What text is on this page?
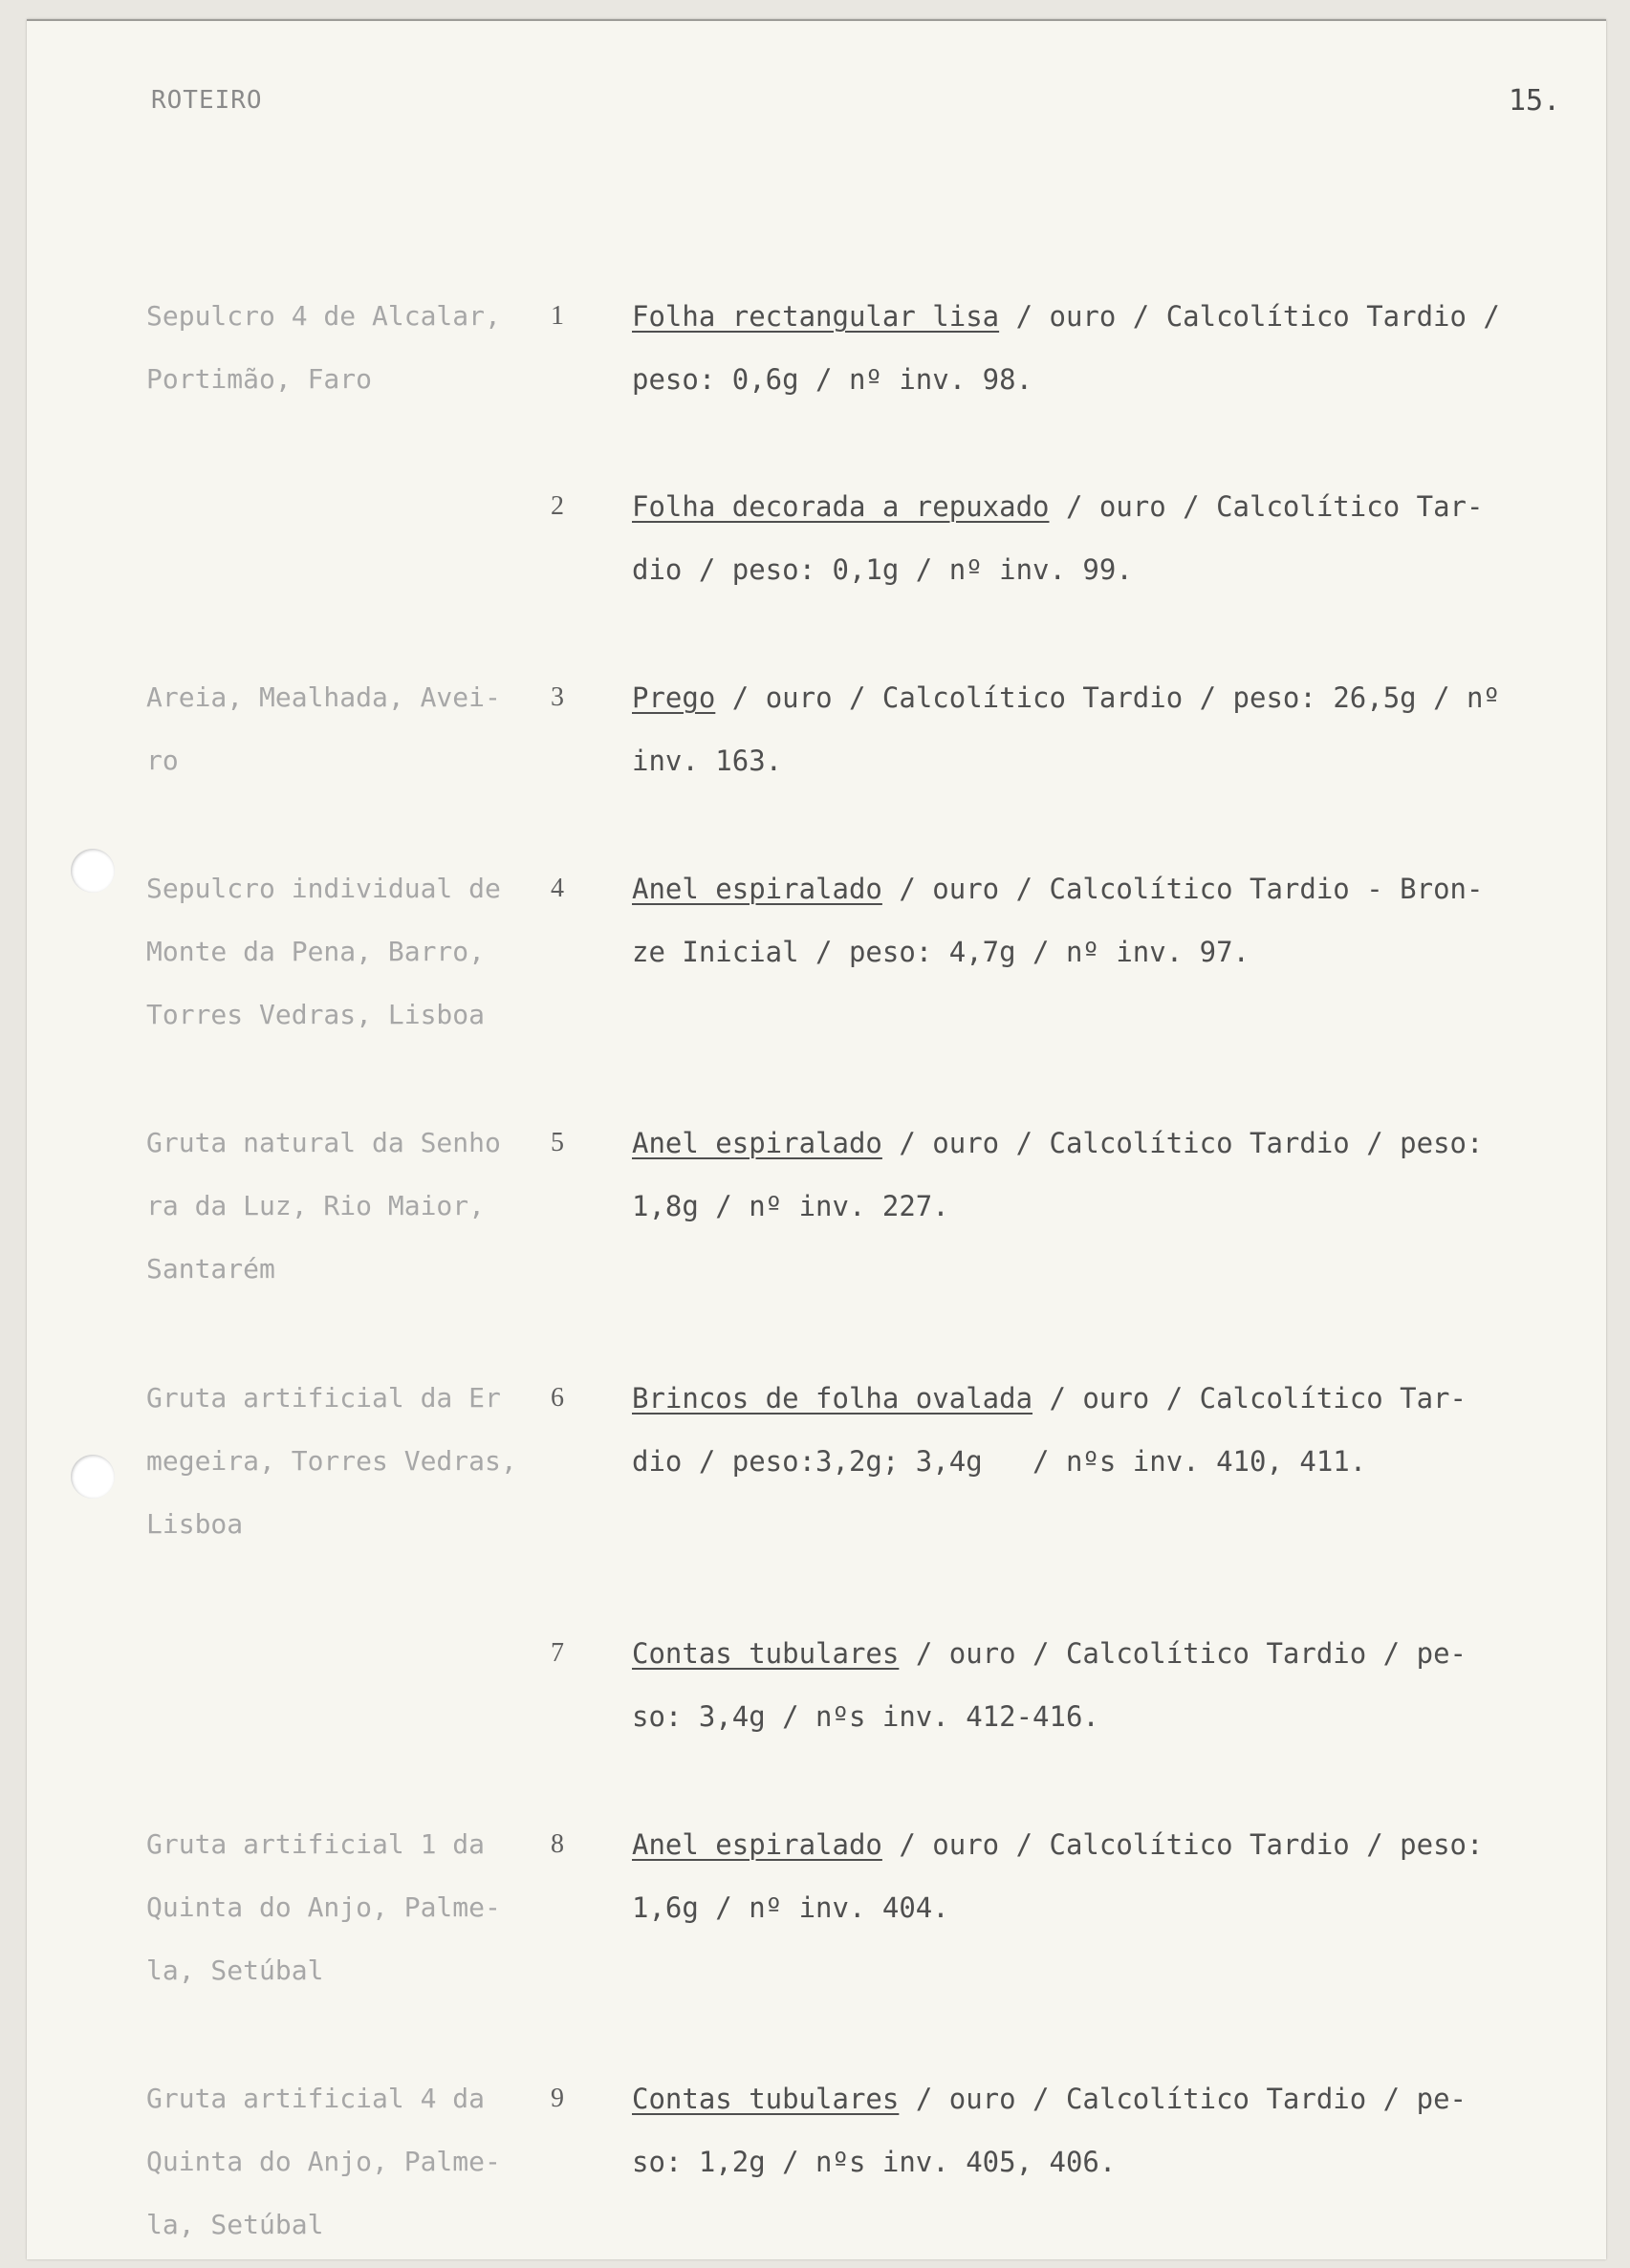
ROTEIRO	15.
Sepulcro 4 de Alcalar,
Portimão, Faro
1 Folha rectangular lisa / ouro / Calcolítico Tardio /
peso: 0,6g / nº inv. 98.
2 Folha decorada a repuxado / ouro / Calcolítico Tar-
dio / peso: 0,1g / nº inv. 99.
Areia, Mealhada, Avei-
ro
3 Prego / ouro / Calcolítico Tardio / peso: 26,5g / nº
inv. 163.
Sepulcro individual de
Monte da Pena, Barro,
Torres Vedras, Lisboa
4 Anel espiralado / ouro / Calcolítico Tardio - Bron-
ze Inicial / peso: 4,7g / nº inv. 97.
Gruta natural da Senho
ra da Luz, Rio Maior,
Santarém
5 Anel espiralado / ouro / Calcolítico Tardio / peso:
1,8g / nº inv. 227.
Gruta artificial da Er
megeira, Torres Vedras,
Lisboa
6 Brincos de folha ovalada / ouro / Calcolítico Tar-
dio / peso:3,2g; 3,4g   / nºs inv. 410, 411.
7 Contas tubulares / ouro / Calcolítico Tardio / pe-
so: 3,4g / nºs inv. 412-416.
Gruta artificial 1 da
Quinta do Anjo, Palme-
la, Setúbal
8 Anel espiralado / ouro / Calcolítico Tardio / peso:
1,6g / nº inv. 404.
Gruta artificial 4 da
Quinta do Anjo, Palme-
la, Setúbal
9 Contas tubulares / ouro / Calcolítico Tardio / pe-
so: 1,2g / nºs inv. 405, 406.
